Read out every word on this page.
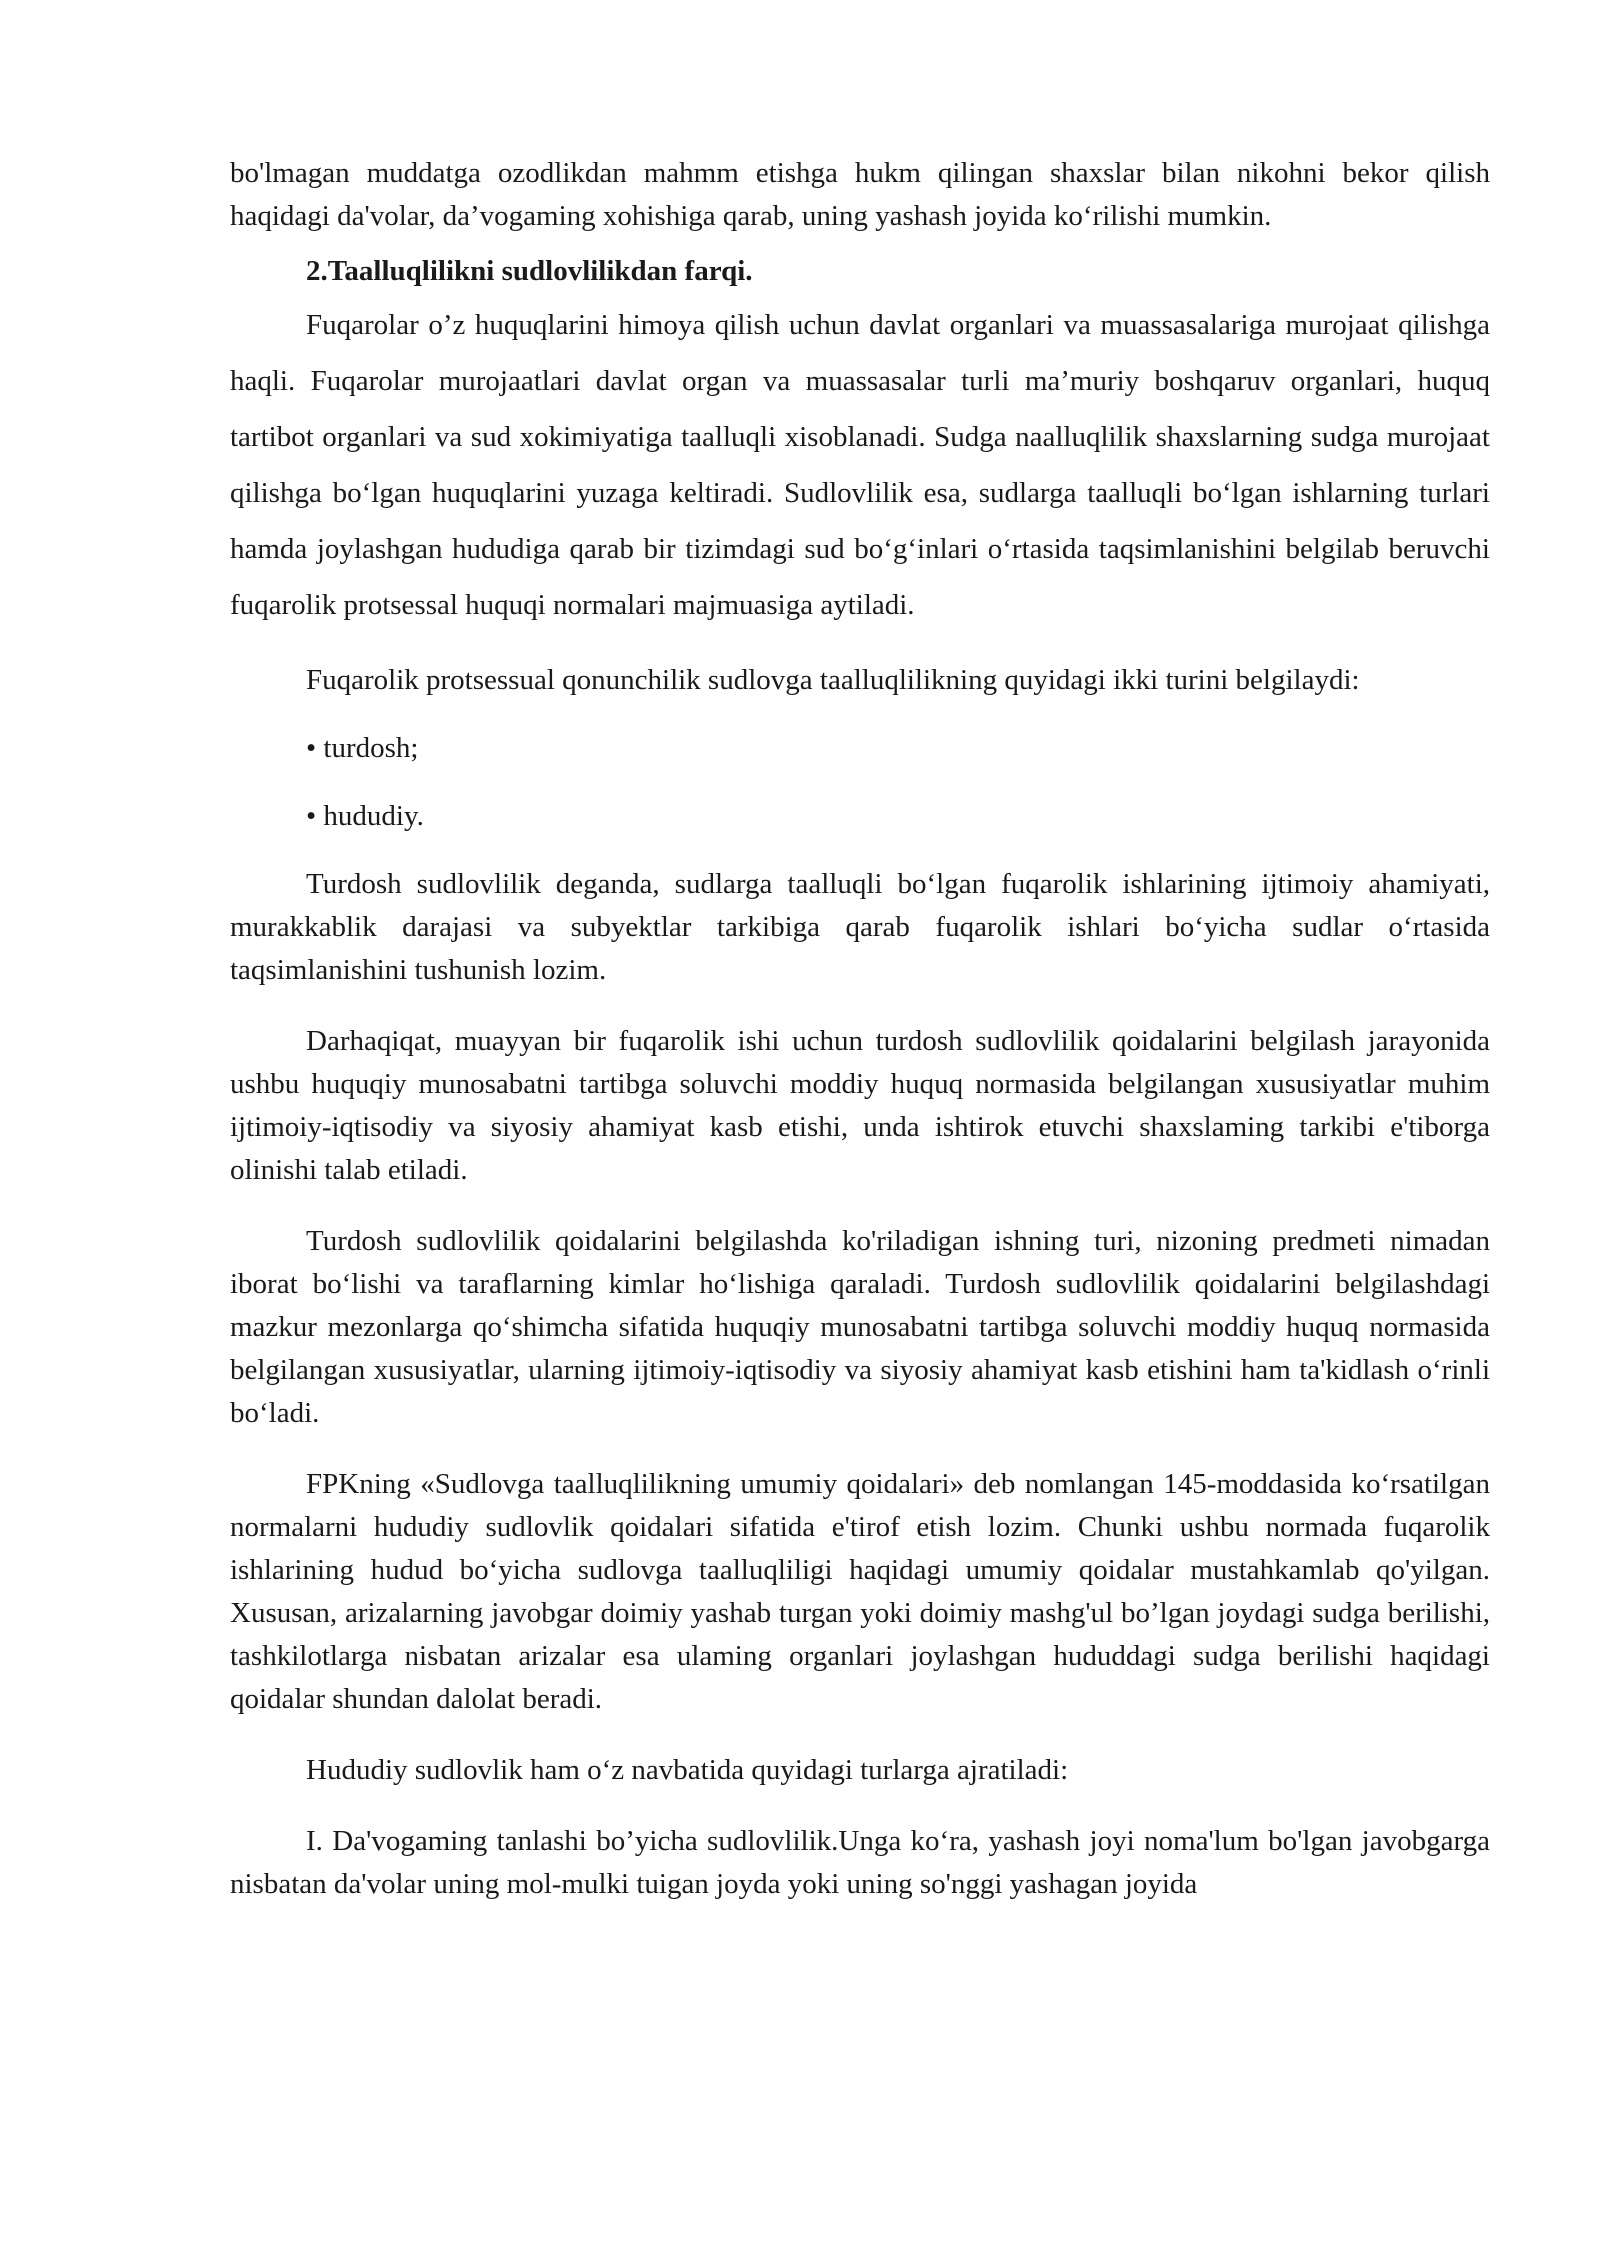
bo'lmagan muddatga ozodlikdan mahmm etishga hukm qilingan shaxslar bilan nikohni bekor qilish haqidagi da'volar, da’vogaming xohishiga qarab, uning yashash joyida ko‘rilishi mumkin.

2.Taalluqlilikni sudlovlilikdan farqi.

Fuqarolar o’z huquqlarini himoya qilish uchun davlat organlari va muassasalariga murojaat qilishga haqli. Fuqarolar murojaatlari davlat organ va muassasalar turli ma’muriy boshqaruv organlari, huquq tartibot organlari va sud xokimiyatiga taalluqli xisoblanadi. Sudga naalluqlilik shaxslarning sudga murojaat qilishga bo‘lgan huquqlarini yuzaga keltiradi. Sudlovlilik esa, sudlarga taalluqli bo‘lgan ishlarning turlari hamda joylashgan hududiga qarab bir tizimdagi sud bo‘g‘inlari o‘rtasida taqsimlanishini belgilab beruvchi fuqarolik protsessal huquqi normalari majmuasiga aytiladi.

Fuqarolik protsessual qonunchilik sudlovga taalluqlilikning quyidagi ikki turini belgilaydi:

• turdosh;

• hududiy.

Turdosh sudlovlilik deganda, sudlarga taalluqli bo‘lgan fuqarolik ishlarining ijtimoiy ahamiyati, murakkablik darajasi va subyektlar tarkibiga qarab fuqarolik ishlari bo‘yicha sudlar o‘rtasida taqsimlanishini tushunish lozim.

Darhaqiqat, muayyan bir fuqarolik ishi uchun turdosh sudlovlilik qoidalarini belgilash jarayonida ushbu huquqiy munosabatni tartibga soluvchi moddiy huquq normasida belgilangan xususiyatlar muhim ijtimoiy-iqtisodiy va siyosiy ahamiyat kasb etishi, unda ishtirok etuvchi shaxslaming tarkibi e'tiborga olinishi talab etiladi.

Turdosh sudlovlilik qoidalarini belgilashda ko'riladigan ishning turi, nizoning predmeti nimadan iborat bo‘lishi va taraflarning kimlar ho‘lishiga qaraladi. Turdosh sudlovlilik qoidalarini belgilashdagi mazkur mezonlarga qo‘shimcha sifatida huquqiy munosabatni tartibga soluvchi moddiy huquq normasida belgilangan xususiyatlar, ularning ijtimoiy-iqtisodiy va siyosiy ahamiyat kasb etishini ham ta'kidlash o‘rinli bo‘ladi.

FPKning «Sudlovga taalluqlilikning umumiy qoidalari» deb nomlangan 145-moddasida ko‘rsatilgan normalarni hududiy sudlovlik qoidalari sifatida e'tirof etish lozim. Chunki ushbu normada fuqarolik ishlarining hudud bo‘yicha sudlovga taalluqliligi haqidagi umumiy qoidalar mustahkamlab qo'yilgan. Xususan, arizalarning javobgar doimiy yashab turgan yoki doimiy mashg'ul bo’lgan joydagi sudga berilishi, tashkilotlarga nisbatan arizalar esa ulaming organlari joylashgan hududdagi sudga berilishi haqidagi qoidalar shundan dalolat beradi.

Hududiy sudlovlik ham o‘z navbatida quyidagi turlarga ajratiladi:

I. Da'vogaming tanlashi bo’yicha sudlovlilik.Unga ko‘ra, yashash joyi noma'lum bo'lgan javobgarga nisbatan da'volar uning mol-mulki tuigan joyda yoki uning so'nggi yashagan joyida
